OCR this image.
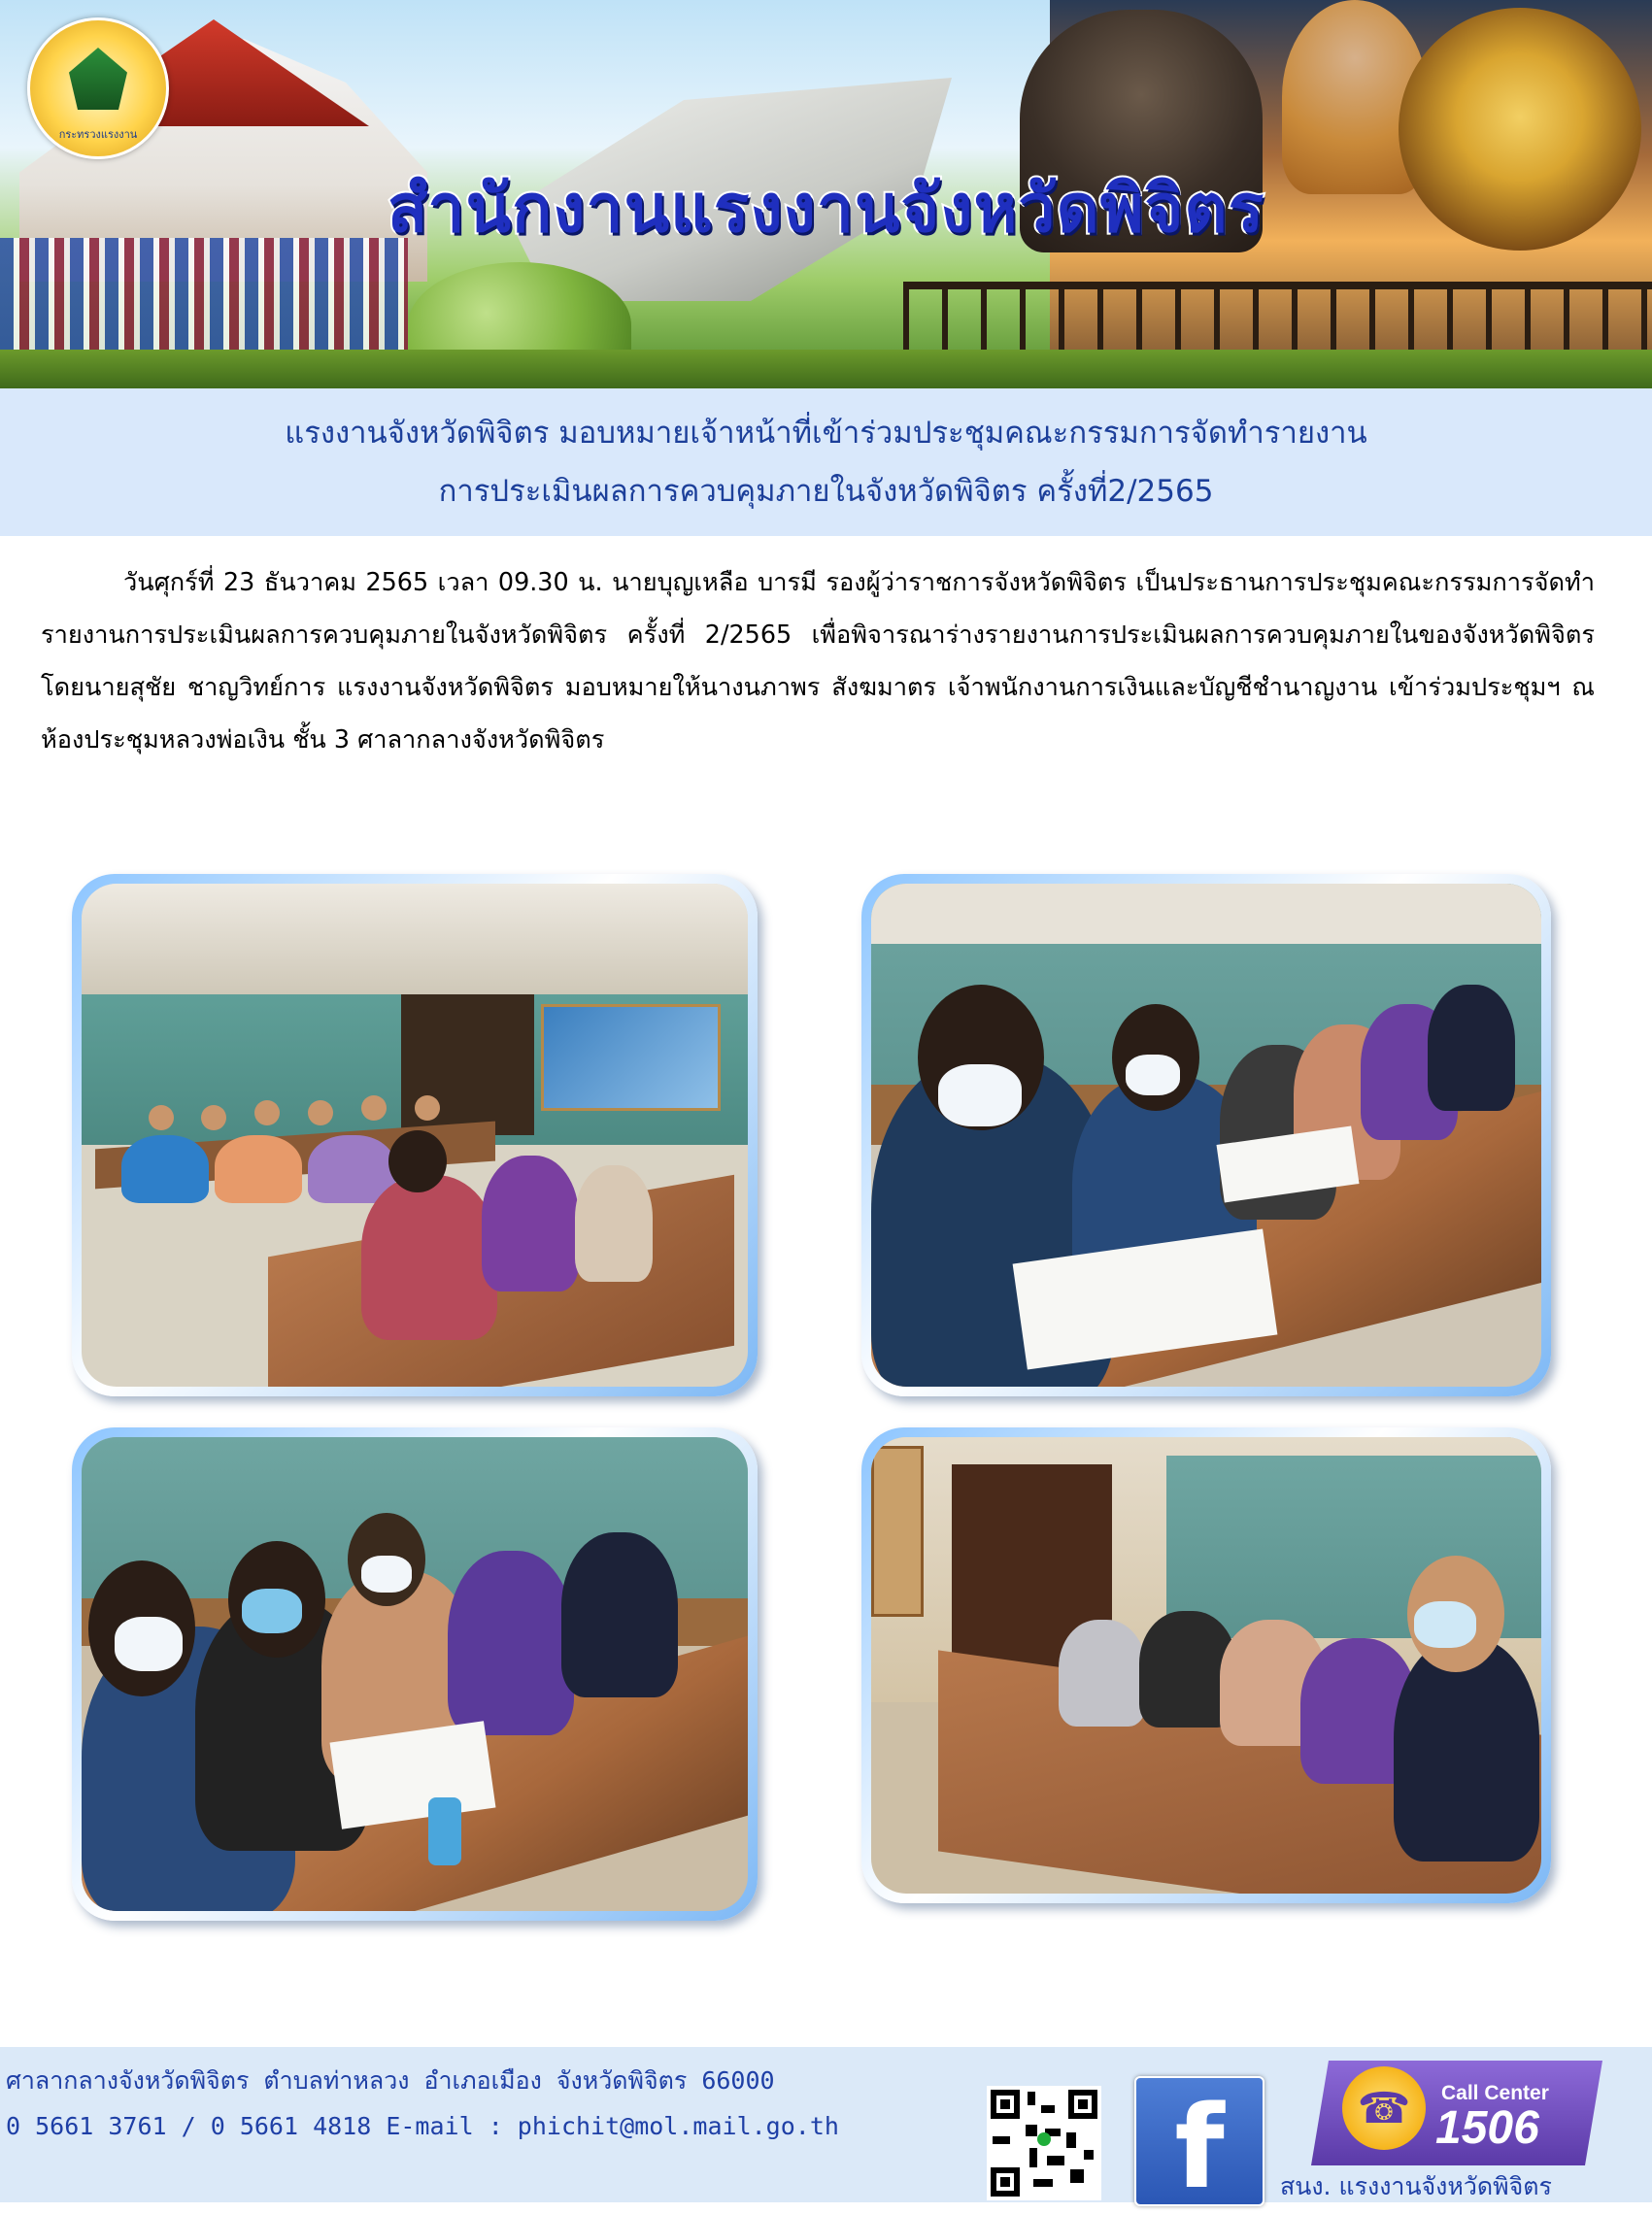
กระทรวงแรงงาน
สำนักงานแรงงานจังหวัดพิจิตร
แรงงานจังหวัดพิจิตร มอบหมายเจ้าหน้าที่เข้าร่วมประชุมคณะกรรมการจัดทำรายงาน
การประเมินผลการควบคุมภายในจังหวัดพิจิตร ครั้งที่2/2565
วันศุกร์ที่ 23 ธันวาคม 2565 เวลา 09.30 น. นายบุญเหลือ บารมี รองผู้ว่าราชการจังหวัดพิจิตร เป็นประธานการประชุมคณะกรรมการจัดทำรายงานการประเมินผลการควบคุมภายในจังหวัดพิจิตร ครั้งที่ 2/2565 เพื่อพิจารณาร่างรายงานการประเมินผลการควบคุมภายในของจังหวัดพิจิตร โดยนายสุชัย ชาญวิทย์การ แรงงานจังหวัดพิจิตร มอบหมายให้นางนภาพร สังฆมาตร เจ้าพนักงานการเงินและบัญชีชำนาญงาน เข้าร่วมประชุมฯ ณ ห้องประชุมหลวงพ่อเงิน ชั้น 3 ศาลากลางจังหวัดพิจิตร
ศาลากลางจังหวัดพิจิตร ตำบลท่าหลวง อำเภอเมือง จังหวัดพิจิตร 66000
0 5661 3761 / 0 5661 4818 E-mail : phichit@mol.mail.go.th	f	☎	Call Center
1506
สนง. แรงงานจังหวัดพิจิตร
